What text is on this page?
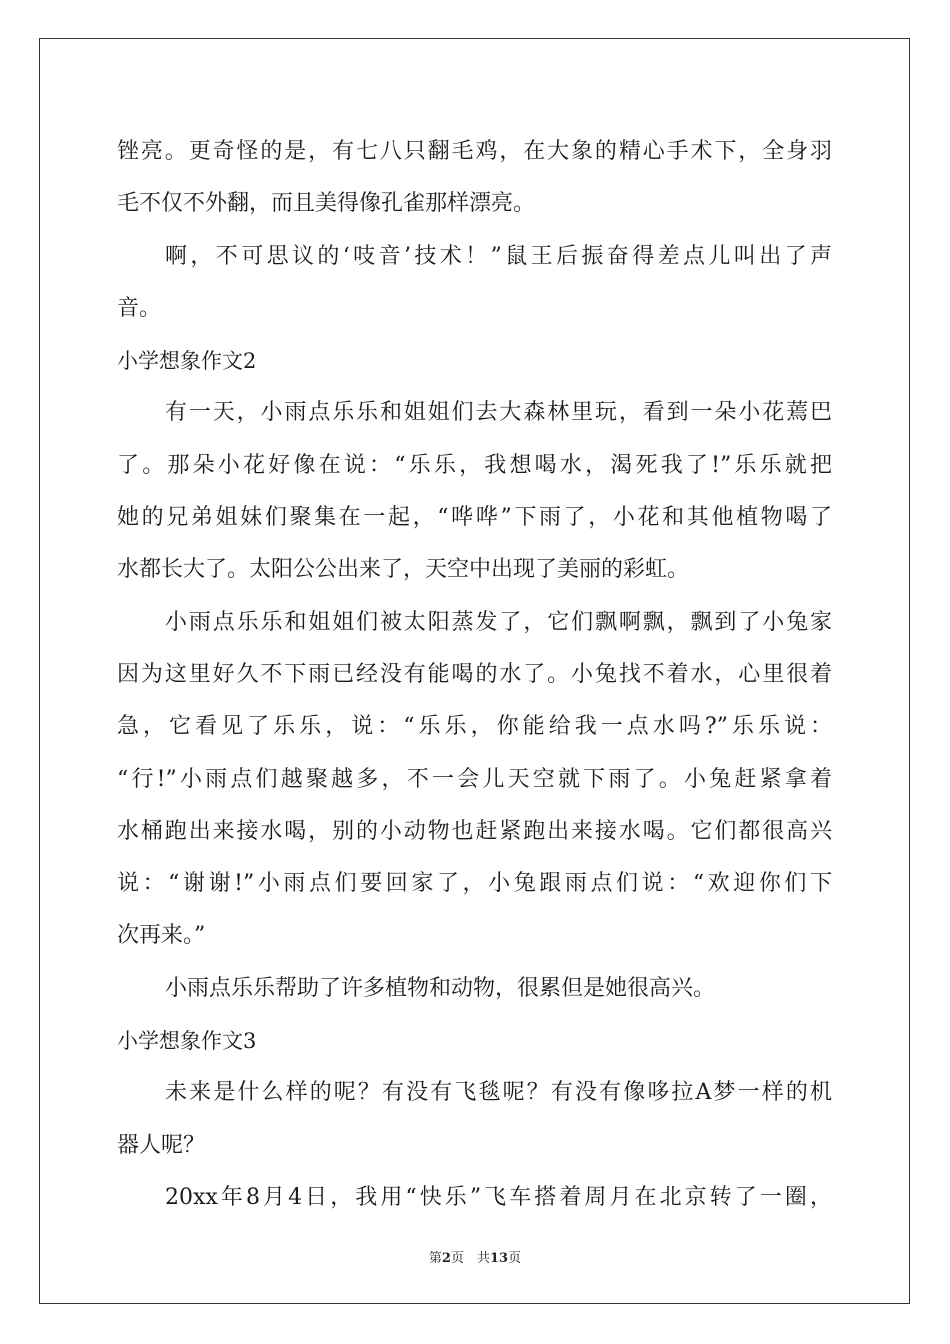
锉亮。更奇怪的是，有七八只翻毛鸡，在大象的精心手术下，全身羽
毛不仅不外翻，而且美得像孔雀那样漂亮。
啊，不可思议的‘吱音’技术！”鼠王后振奋得差点儿叫出了声
音。
小学想象作文2
有一天，小雨点乐乐和姐姐们去大森林里玩，看到一朵小花蔫巴
了。那朵小花好像在说：“乐乐，我想喝水，渴死我了!”乐乐就把
她的兄弟姐妹们聚集在一起，“哗哗”下雨了，小花和其他植物喝了
水都长大了。太阳公公出来了，天空中出现了美丽的彩虹。
小雨点乐乐和姐姐们被太阳蒸发了，它们飘啊飘，飘到了小兔家
因为这里好久不下雨已经没有能喝的水了。小兔找不着水，心里很着
急，它看见了乐乐，说：“乐乐，你能给我一点水吗?”乐乐说：
“行!”小雨点们越聚越多，不一会儿天空就下雨了。小兔赶紧拿着
水桶跑出来接水喝，别的小动物也赶紧跑出来接水喝。它们都很高兴
说：“谢谢!”小雨点们要回家了，小兔跟雨点们说：“欢迎你们下
次再来。”
小雨点乐乐帮助了许多植物和动物，很累但是她很高兴。
小学想象作文3
未来是什么样的呢？有没有飞毯呢？有没有像哆拉A梦一样的机
器人呢？
20xx年8月4日，我用“快乐”飞车搭着周月在北京转了一圈，
第2页　共13页
